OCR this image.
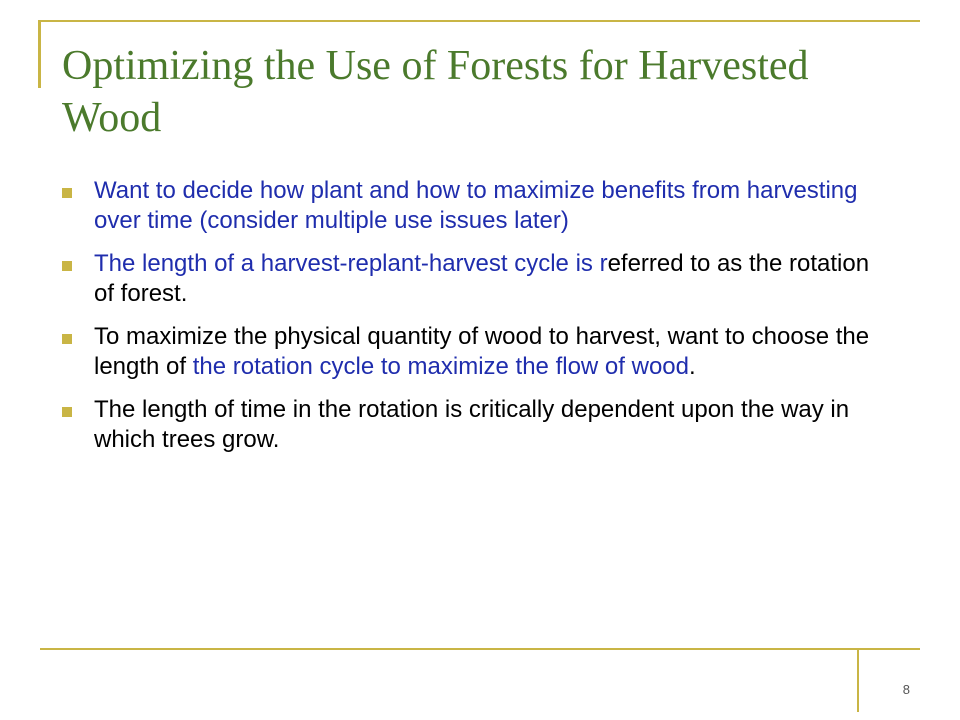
Optimizing the Use of Forests for Harvested Wood
Want to decide how plant and how to maximize benefits from harvesting over time (consider multiple use issues later)
The length of a harvest-replant-harvest cycle is referred to as the rotation of forest.
To maximize the physical quantity of wood to harvest, want to choose the length of the rotation cycle to maximize the flow of wood.
The length of time in the rotation is critically dependent upon the way in which trees grow.
8
